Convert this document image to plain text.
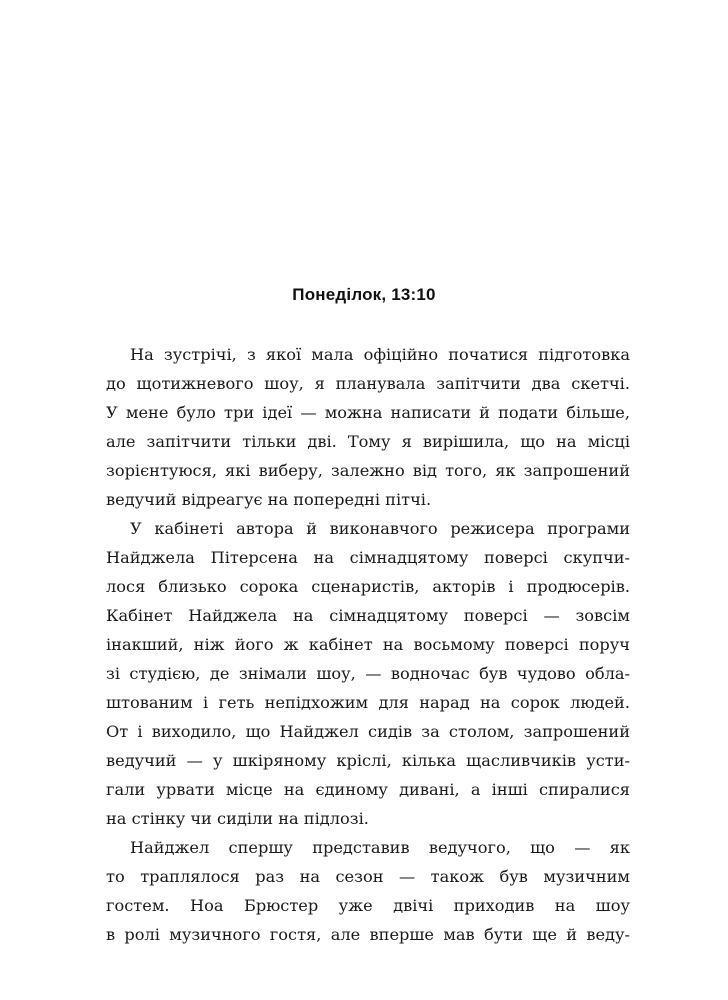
Понеділок, 13:10
На зустрічі, з якої мала офіційно початися підготовка
до щотижневого шоу, я планувала запітчити два скетчі.
У мене було три ідеї — можна написати й подати більше,
але запітчити тільки дві. Тому я вирішила, що на місці
зорієнтуюся, які виберу, залежно від того, як запрошений
ведучий відреагує на попередні пітчі.
У кабінеті автора й виконавчого режисера програми
Найджела Пітерсена на сімнадцятому поверсі скупчи-
лося близько сорока сценаристів, акторів і продюсерів.
Кабінет Найджела на сімнадцятому поверсі — зовсім
інакший, ніж його ж кабінет на восьмому поверсі поруч
зі студією, де знімали шоу, — водночас був чудово обла-
штованим і геть непідхожим для нарад на сорок людей.
От і виходило, що Найджел сидів за столом, запрошений
ведучий — у шкіряному кріслі, кілька щасливчиків усти-
гали урвати місце на єдиному дивані, а інші спиралися
на стінку чи сиділи на підлозі.
Найджел спершу представив ведучого, що — як
то траплялося раз на сезон — також був музичним
гостем. Ноа Брюстер уже двічі приходив на шоу
в ролі музичного гостя, але вперше мав бути ще й веду-
